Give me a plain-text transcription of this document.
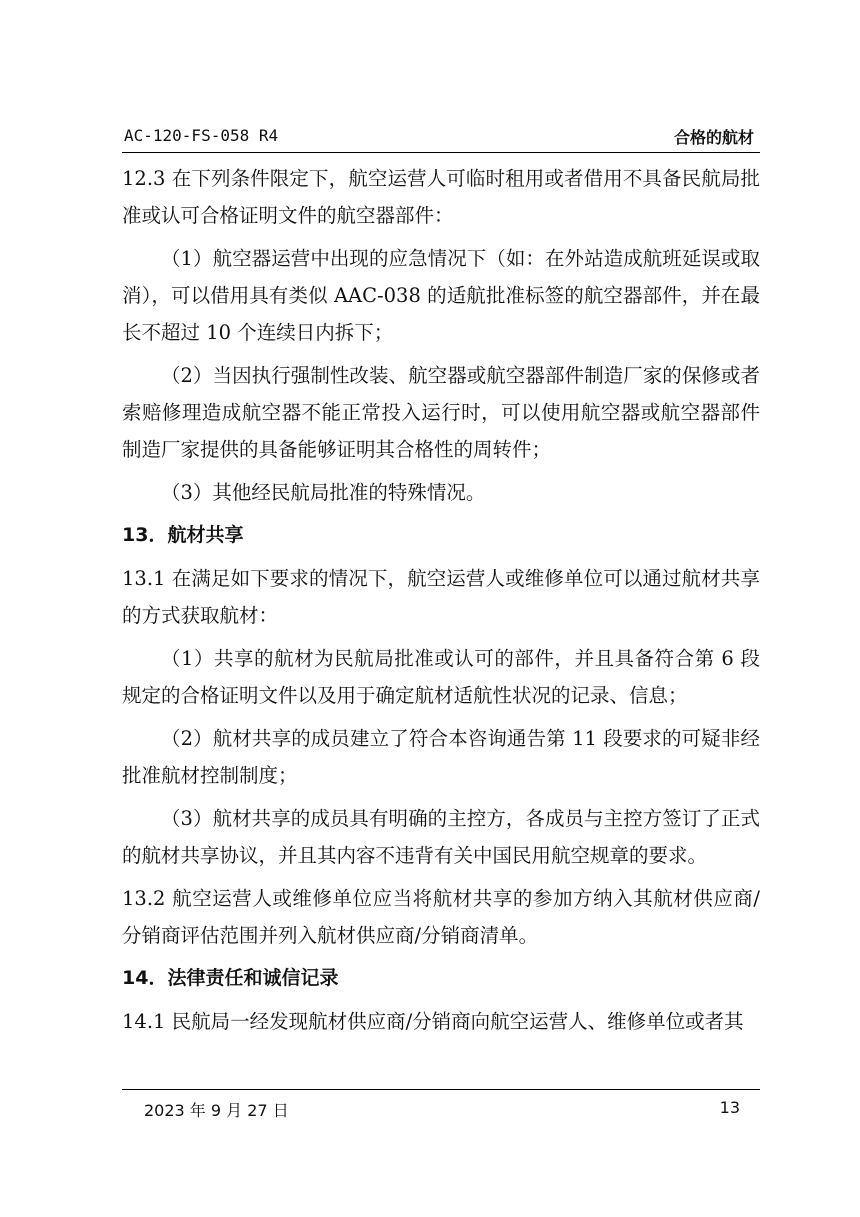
AC-120-FS-058 R4	合格的航材

12.3 在下列条件限定下，航空运营人可临时租用或者借用不具备民航局批准或认可合格证明文件的航空器部件：

（1）航空器运营中出现的应急情况下（如：在外站造成航班延误或取消），可以借用具有类似 AAC-038 的适航批准标签的航空器部件，并在最长不超过 10 个连续日内拆下；

（2）当因执行强制性改装、航空器或航空器部件制造厂家的保修或者索赔修理造成航空器不能正常投入运行时，可以使用航空器或航空器部件制造厂家提供的具备能够证明其合格性的周转件；

（3）其他经民航局批准的特殊情况。

13．航材共享

13.1 在满足如下要求的情况下，航空运营人或维修单位可以通过航材共享的方式获取航材：

（1）共享的航材为民航局批准或认可的部件，并且具备符合第 6 段规定的合格证明文件以及用于确定航材适航性状况的记录、信息；

（2）航材共享的成员建立了符合本咨询通告第 11 段要求的可疑非经批准航材控制制度；

（3）航材共享的成员具有明确的主控方，各成员与主控方签订了正式的航材共享协议，并且其内容不违背有关中国民用航空规章的要求。

13.2 航空运营人或维修单位应当将航材共享的参加方纳入其航材供应商/分销商评估范围并列入航材供应商/分销商清单。

14．法律责任和诚信记录

14.1 民航局一经发现航材供应商/分销商向航空运营人、维修单位或者其

2023 年 9 月 27 日	13
